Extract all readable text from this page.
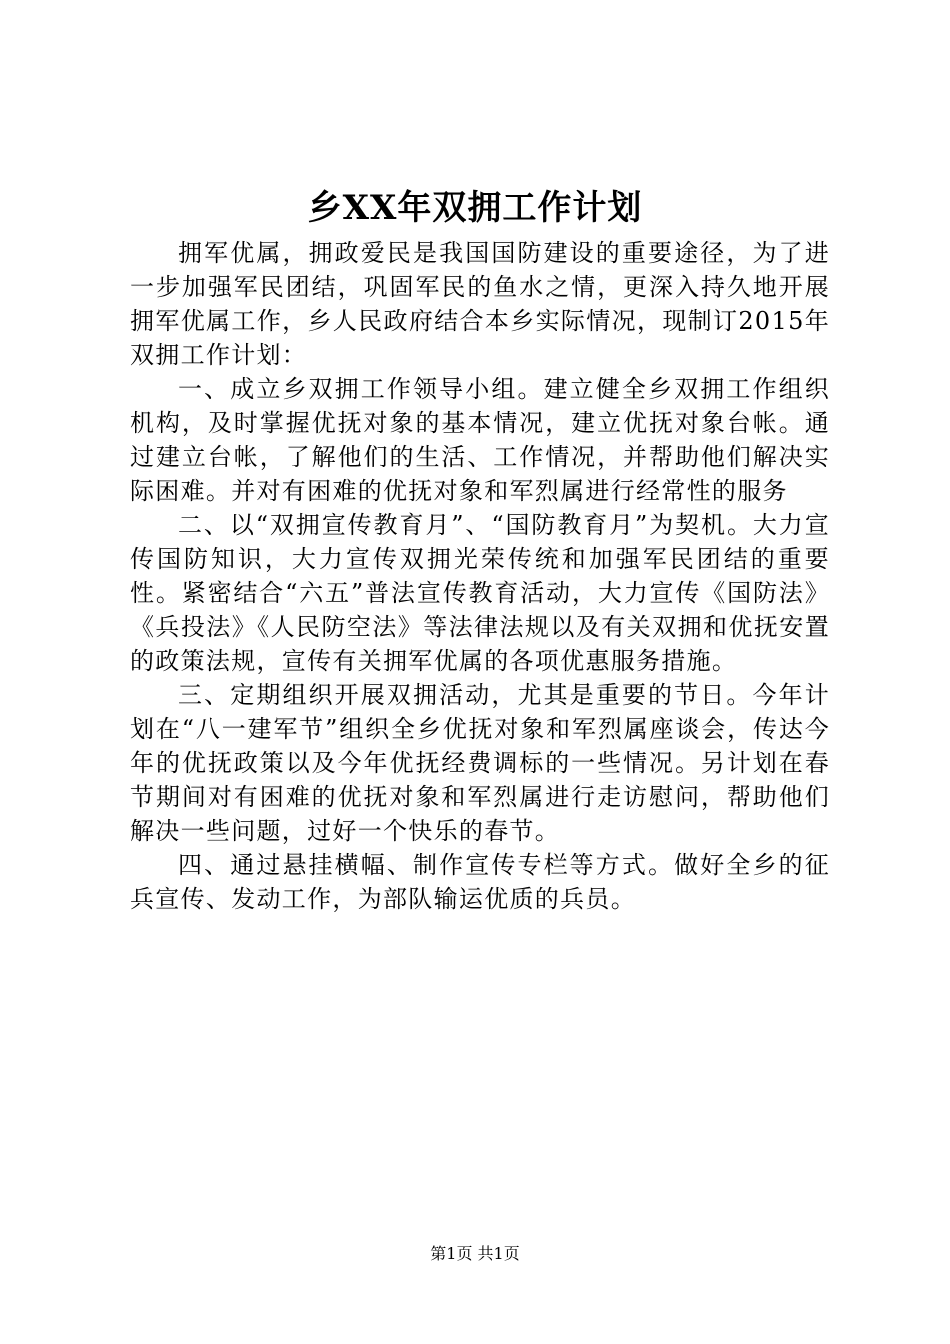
乡XX年双拥工作计划

拥军优属，拥政爱民是我国国防建设的重要途径，为了进一步加强军民团结，巩固军民的鱼水之情，更深入持久地开展拥军优属工作，乡人民政府结合本乡实际情况，现制订2015年双拥工作计划：

一、成立乡双拥工作领导小组。建立健全乡双拥工作组织机构，及时掌握优抚对象的基本情况，建立优抚对象台帐。通过建立台帐，了解他们的生活、工作情况，并帮助他们解决实际困难。并对有困难的优抚对象和军烈属进行经常性的服务

二、以“双拥宣传教育月”、“国防教育月”为契机。大力宣传国防知识，大力宣传双拥光荣传统和加强军民团结的重要性。紧密结合“六五”普法宣传教育活动，大力宣传《国防法》《兵投法》《人民防空法》等法律法规以及有关双拥和优抚安置的政策法规，宣传有关拥军优属的各项优惠服务措施。

三、定期组织开展双拥活动，尤其是重要的节日。今年计划在“八一建军节”组织全乡优抚对象和军烈属座谈会，传达今年的优抚政策以及今年优抚经费调标的一些情况。另计划在春节期间对有困难的优抚对象和军烈属进行走访慰问，帮助他们解决一些问题，过好一个快乐的春节。

四、通过悬挂横幅、制作宣传专栏等方式。做好全乡的征兵宣传、发动工作，为部队输运优质的兵员。

第1页 共1页
